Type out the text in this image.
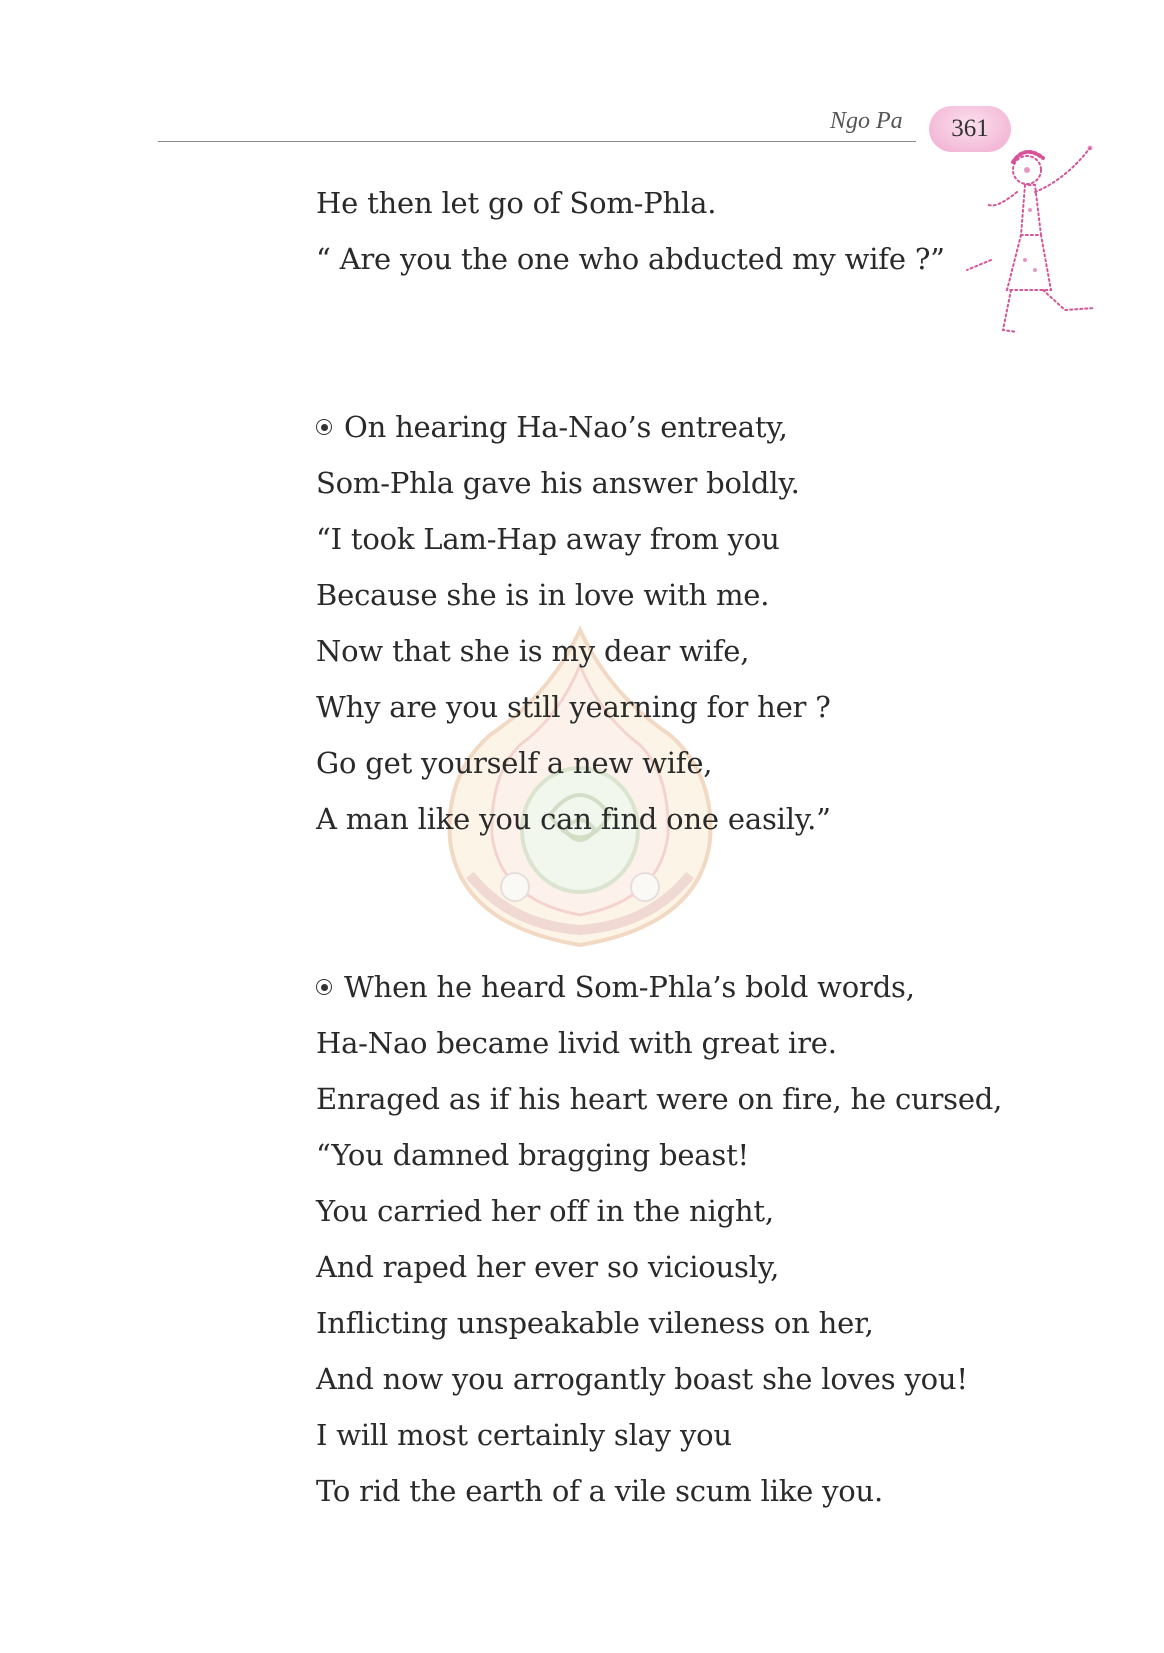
Ngo Pa 361
He then let go of Som-Phla.
“ Are you the one who abducted my wife ?”
On hearing Ha-Nao’s entreaty,
Som-Phla gave his answer boldly.
“I took Lam-Hap away from you
Because she is in love with me.
Now that she is my dear wife,
Why are you still yearning for her ?
Go get yourself a new wife,
A man like you can find one easily.”
When he heard Som-Phla’s bold words,
Ha-Nao became livid with great ire.
Enraged as if his heart were on fire, he cursed,
“You damned bragging beast!
You carried her off in the night,
And raped her ever so viciously,
Inflicting unspeakable vileness on her,
And now you arrogantly boast she loves you!
I will most certainly slay you
To rid the earth of a vile scum like you.
